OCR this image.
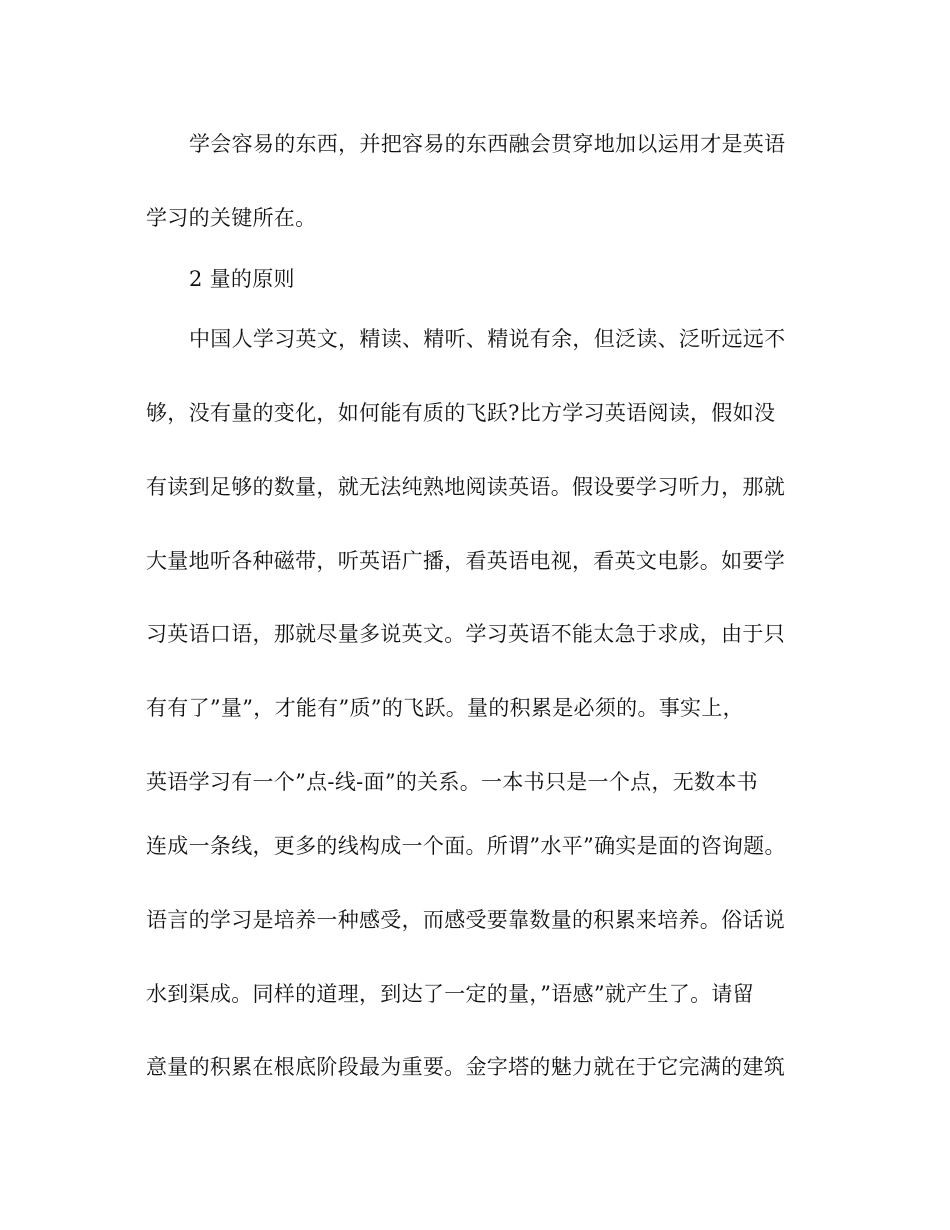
学会容易的东西，并把容易的东西融会贯穿地加以运用才是英语
学习的关键所在。
2 量的原则
中国人学习英文，精读、精听、精说有余，但泛读、泛听远远不
够，没有量的变化，如何能有质的飞跃?比方学习英语阅读，假如没
有读到足够的数量，就无法纯熟地阅读英语。假设要学习听力，那就
大量地听各种磁带，听英语广播，看英语电视，看英文电影。如要学
习英语口语，那就尽量多说英文。学习英语不能太急于求成，由于只
有有了”量”，才能有”质”的飞跃。量的积累是必须的。事实上，
英语学习有一个”点-线-面”的关系。一本书只是一个点，无数本书
连成一条线，更多的线构成一个面。所谓”水平”确实是面的咨询题。
语言的学习是培养一种感受，而感受要靠数量的积累来培养。俗话说
水到渠成。同样的道理，到达了一定的量，”语感”就产生了。请留
意量的积累在根底阶段最为重要。金字塔的魅力就在于它完满的建筑
